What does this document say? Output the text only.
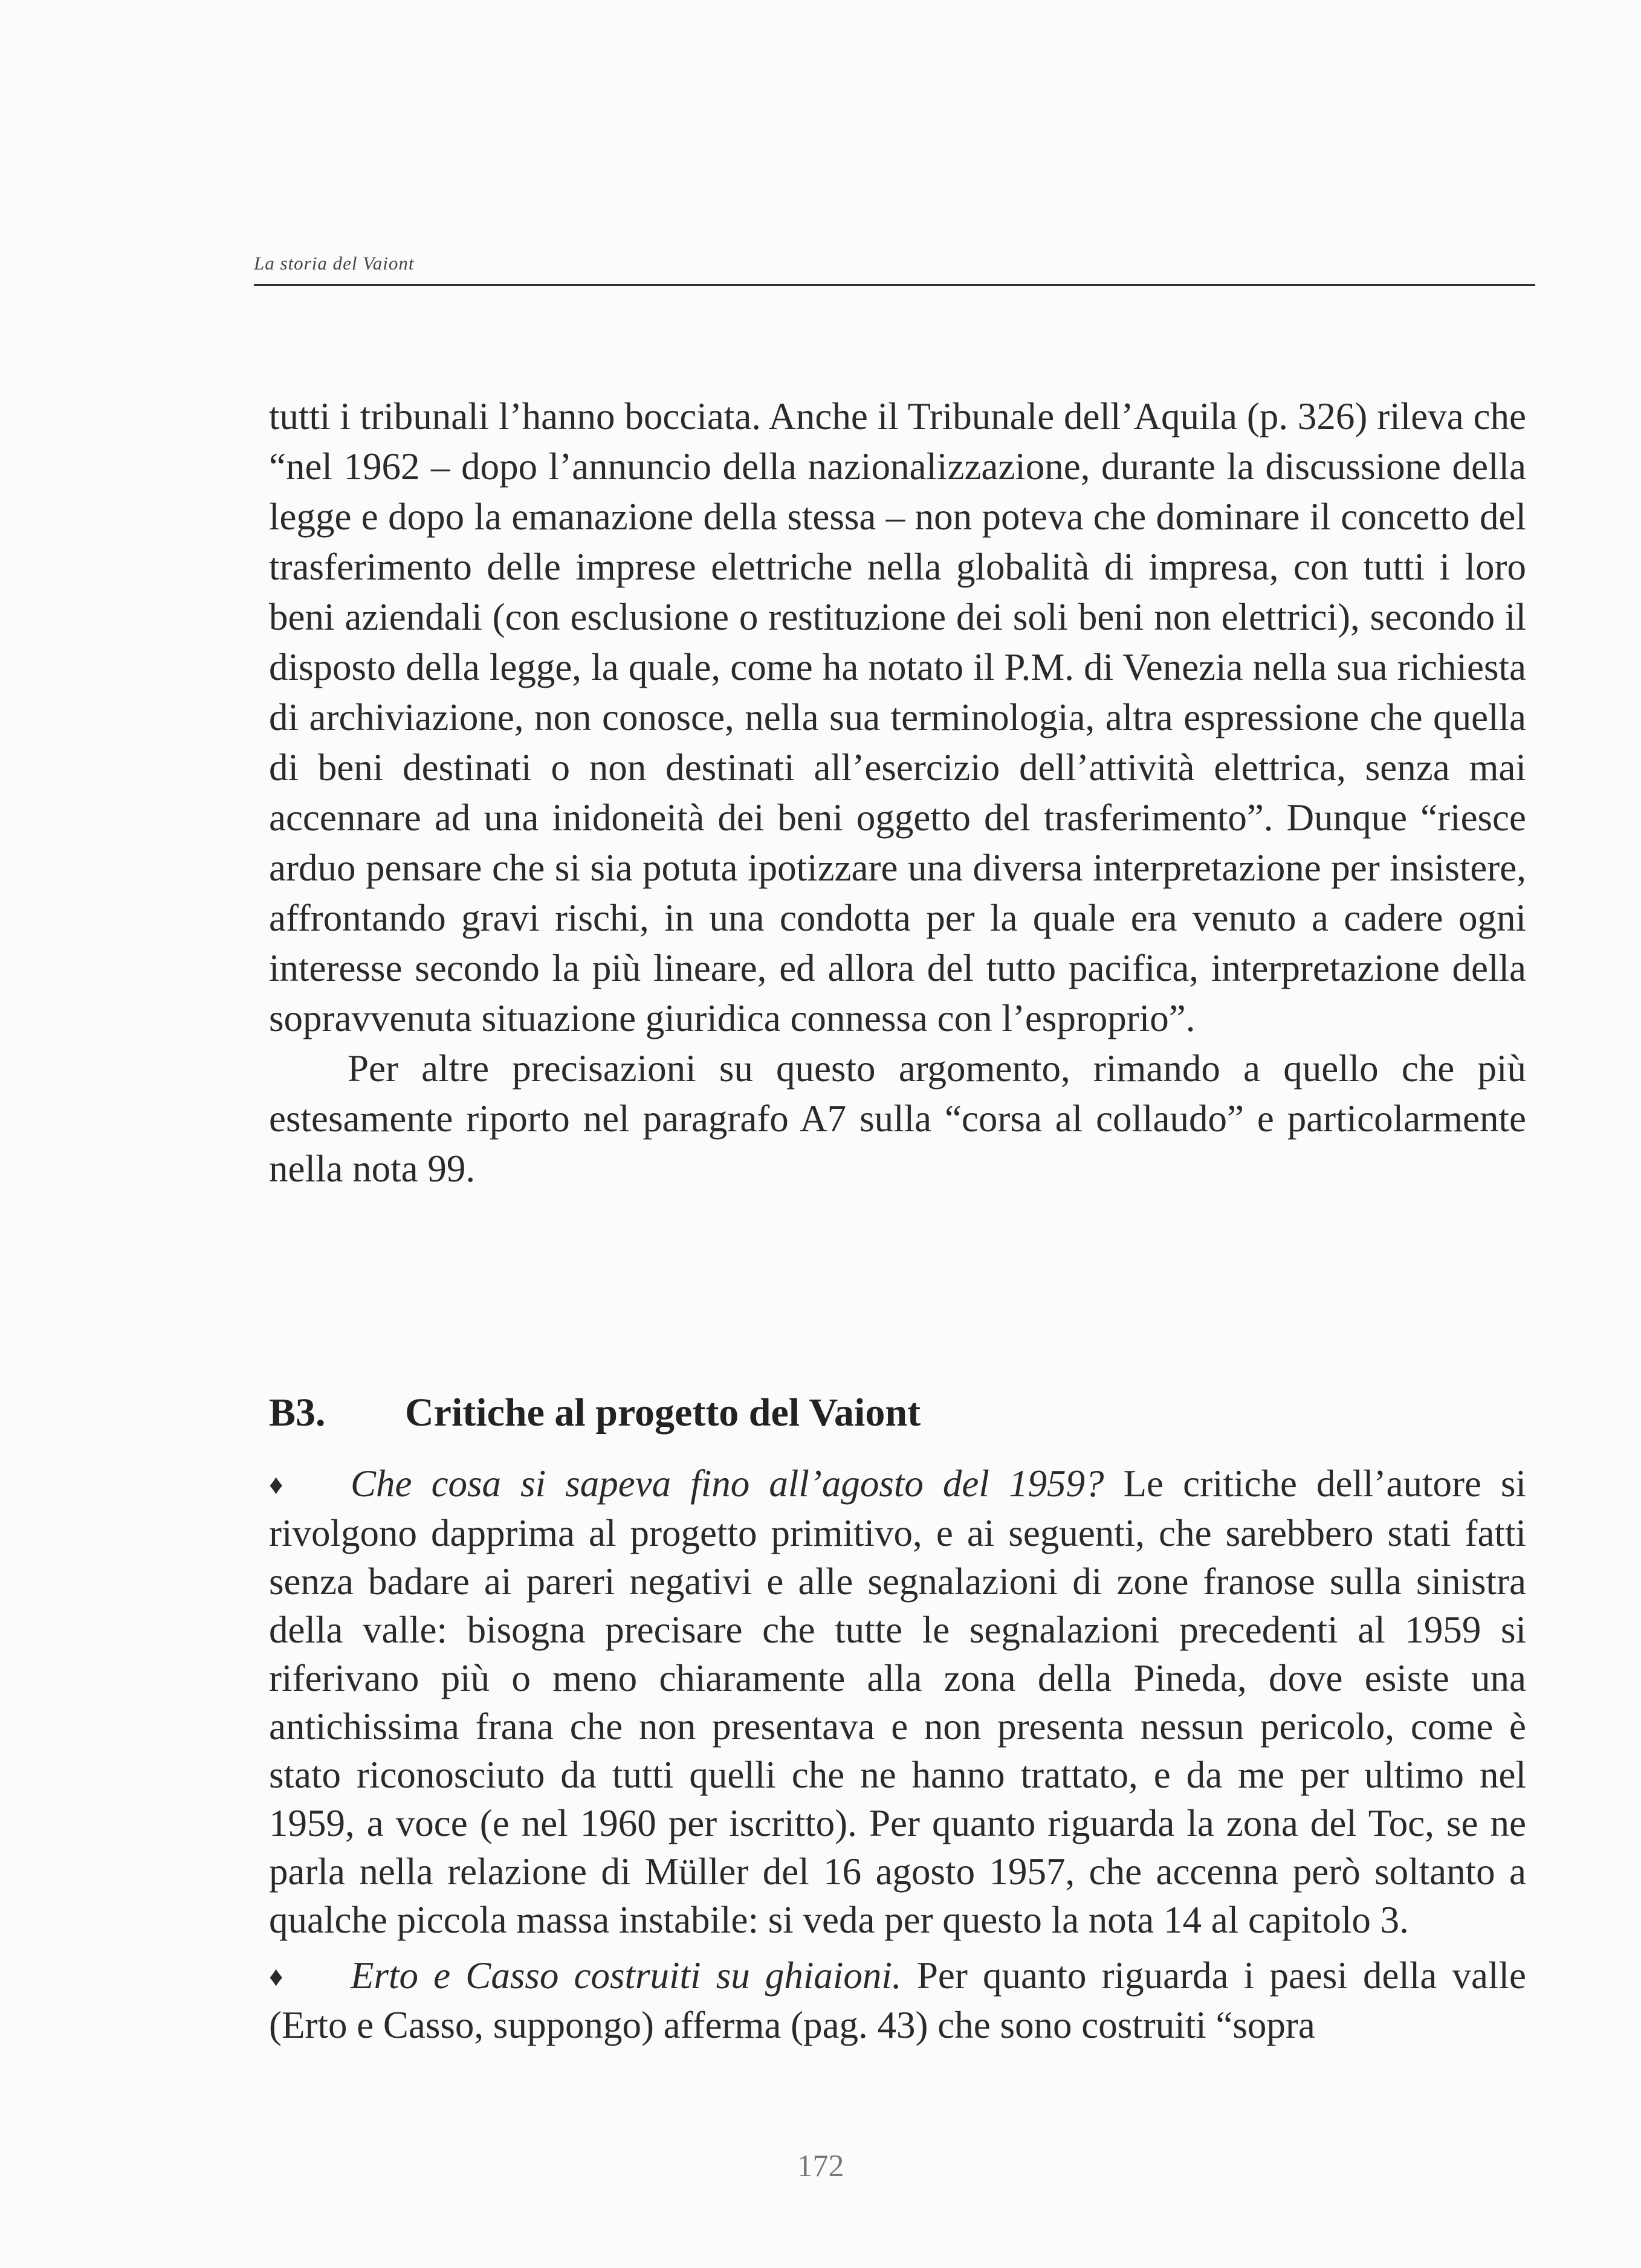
La storia del Vaiont

tutti i tribunali l’hanno bocciata. Anche il Tribunale dell’Aquila (p. 326) rileva che “nel 1962 – dopo l’annuncio della nazionalizzazione, durante la discussione della legge e dopo la emanazione della stessa – non poteva che dominare il concetto del trasferimento delle imprese elettriche nella globalità di impresa, con tutti i loro beni aziendali (con esclusione o restituzione dei soli beni non elettrici), secondo il disposto della legge, la quale, come ha notato il P.M. di Venezia nella sua richiesta di archiviazione, non conosce, nella sua terminologia, altra espressione che quella di beni destinati o non destinati all’esercizio dell’attività elettrica, senza mai accennare ad una inidoneità dei beni oggetto del trasferimento”. Dunque “riesce arduo pensare che si sia potuta ipotizzare una diversa interpretazione per insistere, affrontando gravi rischi, in una condotta per la quale era venuto a cadere ogni interesse secondo la più lineare, ed allora del tutto pacifica, interpretazione della sopravvenuta situazione giuridica connessa con l’esproprio”.

Per altre precisazioni su questo argomento, rimando a quello che più estesamente riporto nel paragrafo A7 sulla “corsa al collaudo” e particolarmente nella nota 99.

B3. Critiche al progetto del Vaiont

♦ Che cosa si sapeva fino all’agosto del 1959? Le critiche dell’autore si rivolgono dapprima al progetto primitivo, e ai seguenti, che sarebbero stati fatti senza badare ai pareri negativi e alle segnalazioni di zone franose sulla sinistra della valle: bisogna precisare che tutte le segnalazioni precedenti al 1959 si riferivano più o meno chiaramente alla zona della Pineda, dove esiste una antichissima frana che non presentava e non presenta nessun pericolo, come è stato riconosciuto da tutti quelli che ne hanno trattato, e da me per ultimo nel 1959, a voce (e nel 1960 per iscritto). Per quanto riguarda la zona del Toc, se ne parla nella relazione di Müller del 16 agosto 1957, che accenna però soltanto a qualche piccola massa instabile: si veda per questo la nota 14 al capitolo 3.

♦ Erto e Casso costruiti su ghiaioni. Per quanto riguarda i paesi della valle (Erto e Casso, suppongo) afferma (pag. 43) che sono costruiti “sopra

172
